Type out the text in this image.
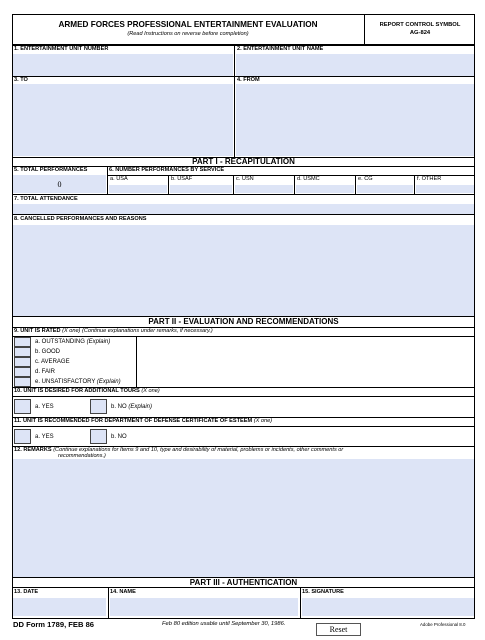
ARMED FORCES PROFESSIONAL ENTERTAINMENT EVALUATION
(Read Instructions on reverse before completion)
REPORT CONTROL SYMBOL
AG-824
1. ENTERTAINMENT UNIT NUMBER	2. ENTERTAINMENT UNIT NAME
3. TO	4. FROM
PART I - RECAPITULATION
5. TOTAL PERFORMANCES
0
6. NUMBER PERFORMANCES BY SERVICE
a. USA	b. USAF	c. USN	d. USMC	e. CG	f. OTHER
7. TOTAL ATTENDANCE
8. CANCELLED PERFORMANCES AND REASONS
PART II - EVALUATION AND RECOMMENDATIONS
9. UNIT IS RATED (X one) (Continue explanations under remarks, if necessary.)
a. OUTSTANDING (Explain)
b. GOOD
c. AVERAGE
d. FAIR
e. UNSATISFACTORY (Explain)
10. UNIT IS DESIRED FOR ADDITIONAL TOURS (X one)
a. YES	b. NO (Explain)
11. UNIT IS RECOMMENDED FOR DEPARTMENT OF DEFENSE CERTIFICATE OF ESTEEM (X one)
a. YES	b. NO
12. REMARKS (Continue explanations for Items 9 and 10, type and desirability of material, problems or incidents, other comments or
recommendations.)
PART III - AUTHENTICATION
13. DATE	14. NAME	15. SIGNATURE
DD Form 1789, FEB 86	Feb 80 edition usable until September 30, 1986.
Reset
Adobe Professional 8.0
